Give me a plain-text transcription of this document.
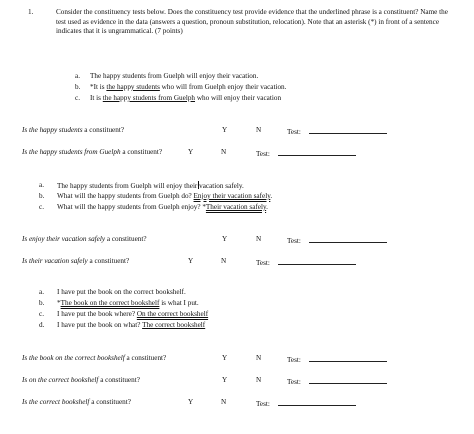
1.	Consider the constituency tests below. Does the constituency test provide evidence that the underlined phrase is a constituent? Name the test used as evidence in the data (answers a question, pronoun substitution, relocation). Note that an asterisk (*) in front of a sentence indicates that it is ungrammatical. (7 points)
a. The happy students from Guelph will enjoy their vacation.
b. *It is the happy students who will from Guelph enjoy their vacation.
c. It is the happy students from Guelph who will enjoy their vacation
Is the happy students a constituent?	Y	N	Test:
Is the happy students from Guelph a constituent?	Y	N	Test:
a. The happy students from Guelph will enjoy their vacation safely.
b. What will the happy students from Guelph do? Enjoy their vacation safely.
c. What will the happy students from Guelph enjoy? *Their vacation safely.
Is enjoy their vacation safely a constituent?	Y	N	Test:
Is their vacation safely a constituent?	Y	N	Test:
a. I have put the book on the correct bookshelf.
b. *The book on the correct bookshelf is what I put.
c. I have put the book where? On the correct bookshelf
d. I have put the book on what? The correct bookshelf
Is the book on the correct bookshelf a constituent?	Y	N	Test:
Is on the correct bookshelf a constituent?	Y	N	Test:
Is the correct bookshelf a constituent?	Y	N	Test:
